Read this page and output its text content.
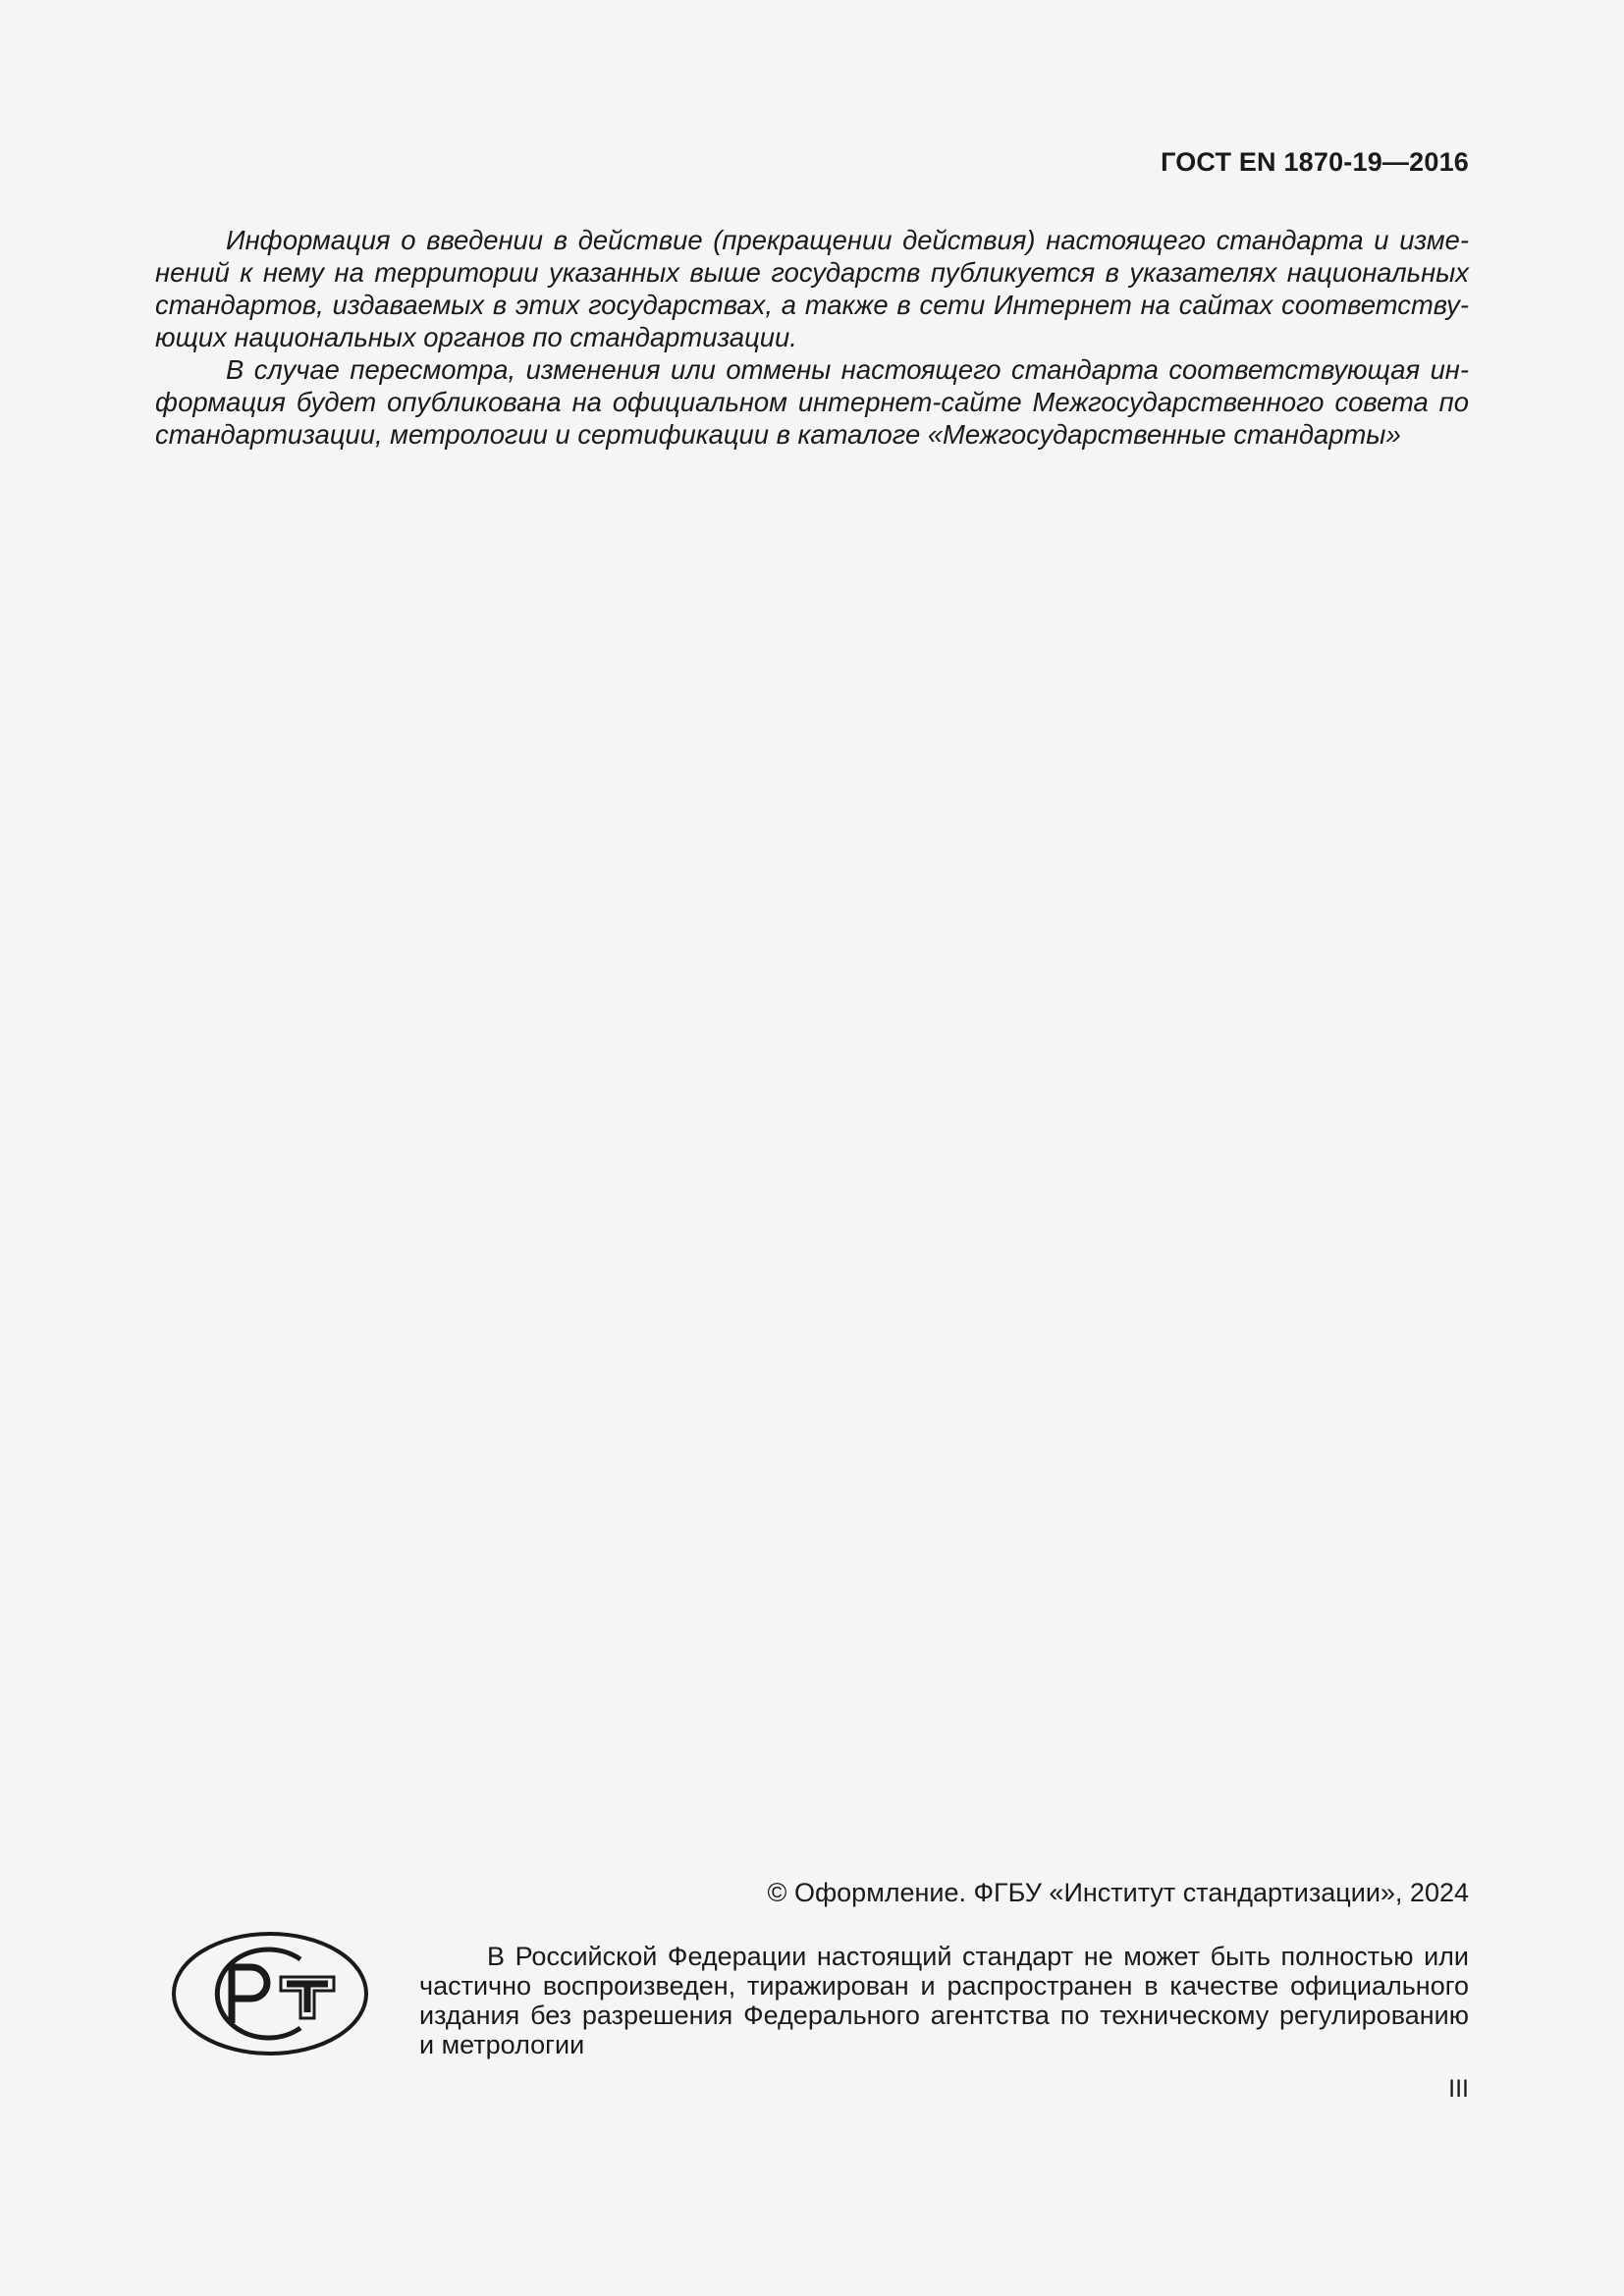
ГОСТ EN 1870-19—2016
Информация о введении в действие (прекращении действия) настоящего стандарта и изме-
нений к нему на территории указанных выше государств публикуется в указателях национальных
стандартов, издаваемых в этих государствах, а также в сети Интернет на сайтах соответству-
ющих национальных органов по стандартизации.
В случае пересмотра, изменения или отмены настоящего стандарта соответствующая ин-
формация будет опубликована на официальном интернет-сайте Межгосударственного совета по
стандартизации, метрологии и сертификации в каталоге «Межгосударственные стандарты»
© Оформление. ФГБУ «Институт стандартизации», 2024
В Российской Федерации настоящий стандарт не может быть полностью или
частично воспроизведен, тиражирован и распространен в качестве официального
издания без разрешения Федерального агентства по техническому регулированию
и метрологии
III
